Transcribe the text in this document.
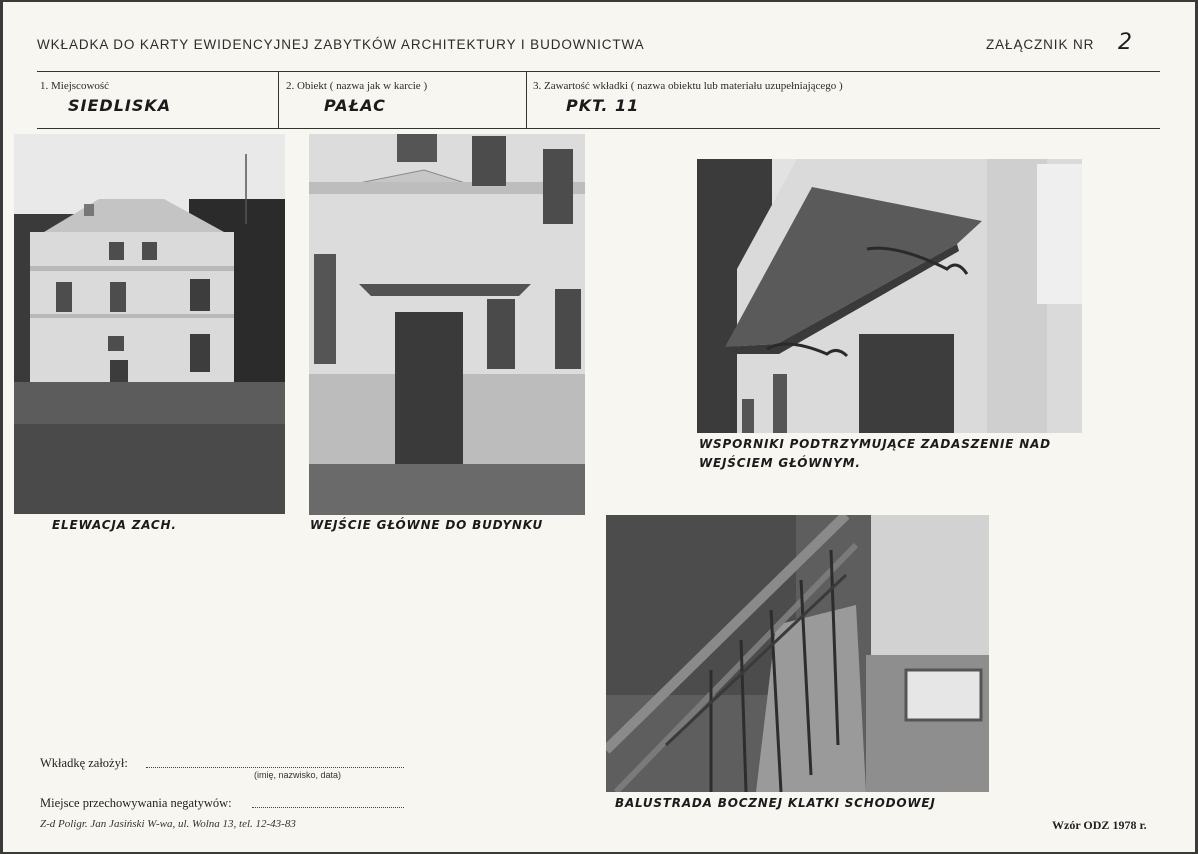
WKŁADKA DO KARTY EWIDENCYJNEJ ZABYTKÓW ARCHITEKTURY I BUDOWNICTWA	ZAŁĄCZNIK NR 2
1. Miejscowość
SIEDLISKA
2. Obiekt ( nazwa jak w karcie )
PAŁAC
3. Zawartość wkładki ( nazwa obiektu lub materiału uzupełniającego )
PKT. 11
ELEWACJA ZACH.	WEJŚCIE GŁÓWNE DO BUDYNKU
WSPORNIKI PODTRZYMUJĄCE ZADASZENIE NAD
WEJŚCIEM GŁÓWNYM.
BALUSTRADA BOCZNEJ KLATKI SCHODOWEJ
Wkładkę założył:
(imię, nazwisko, data)
Miejsce przechowywania negatywów:
Z-d Poligr. Jan Jasiński W-wa, ul. Wolna 13, tel. 12-43-83	Wzór ODZ 1978 r.
